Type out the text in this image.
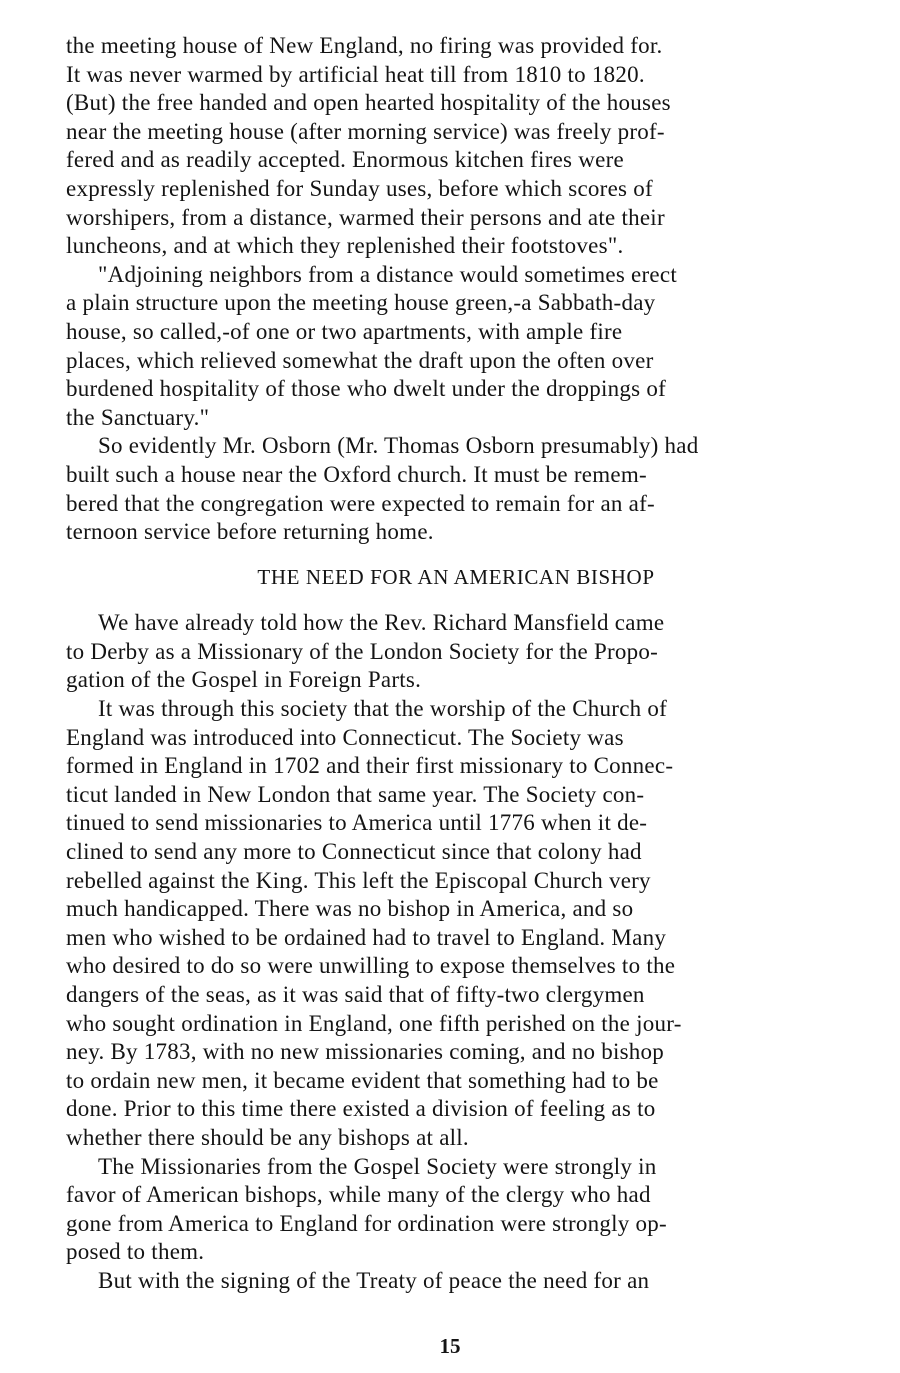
the meeting house of New England, no firing was provided for.
It was never warmed by artificial heat till from 1810 to 1820.
(But) the free handed and open hearted hospitality of the houses
near the meeting house (after morning service) was freely prof-
fered and as readily accepted. Enormous kitchen fires were
expressly replenished for Sunday uses, before which scores of
worshipers, from a distance, warmed their persons and ate their
luncheons, and at which they replenished their footstoves".
"Adjoining neighbors from a distance would sometimes erect
a plain structure upon the meeting house green,-a Sabbath-day
house, so called,-of one or two apartments, with ample fire
places, which relieved somewhat the draft upon the often over
burdened hospitality of those who dwelt under the droppings of
the Sanctuary."
So evidently Mr. Osborn (Mr. Thomas Osborn presumably) had
built such a house near the Oxford church. It must be remem-
bered that the congregation were expected to remain for an af-
ternoon service before returning home.
THE NEED FOR AN AMERICAN BISHOP
We have already told how the Rev. Richard Mansfield came
to Derby as a Missionary of the London Society for the Propo-
gation of the Gospel in Foreign Parts.
It was through this society that the worship of the Church of
England was introduced into Connecticut. The Society was
formed in England in 1702 and their first missionary to Connec-
ticut landed in New London that same year. The Society con-
tinued to send missionaries to America until 1776 when it de-
clined to send any more to Connecticut since that colony had
rebelled against the King. This left the Episcopal Church very
much handicapped. There was no bishop in America, and so
men who wished to be ordained had to travel to England. Many
who desired to do so were unwilling to expose themselves to the
dangers of the seas, as it was said that of fifty-two clergymen
who sought ordination in England, one fifth perished on the jour-
ney. By 1783, with no new missionaries coming, and no bishop
to ordain new men, it became evident that something had to be
done. Prior to this time there existed a division of feeling as to
whether there should be any bishops at all.
The Missionaries from the Gospel Society were strongly in
favor of American bishops, while many of the clergy who had
gone from America to England for ordination were strongly op-
posed to them.
But with the signing of the Treaty of peace the need for an
15
